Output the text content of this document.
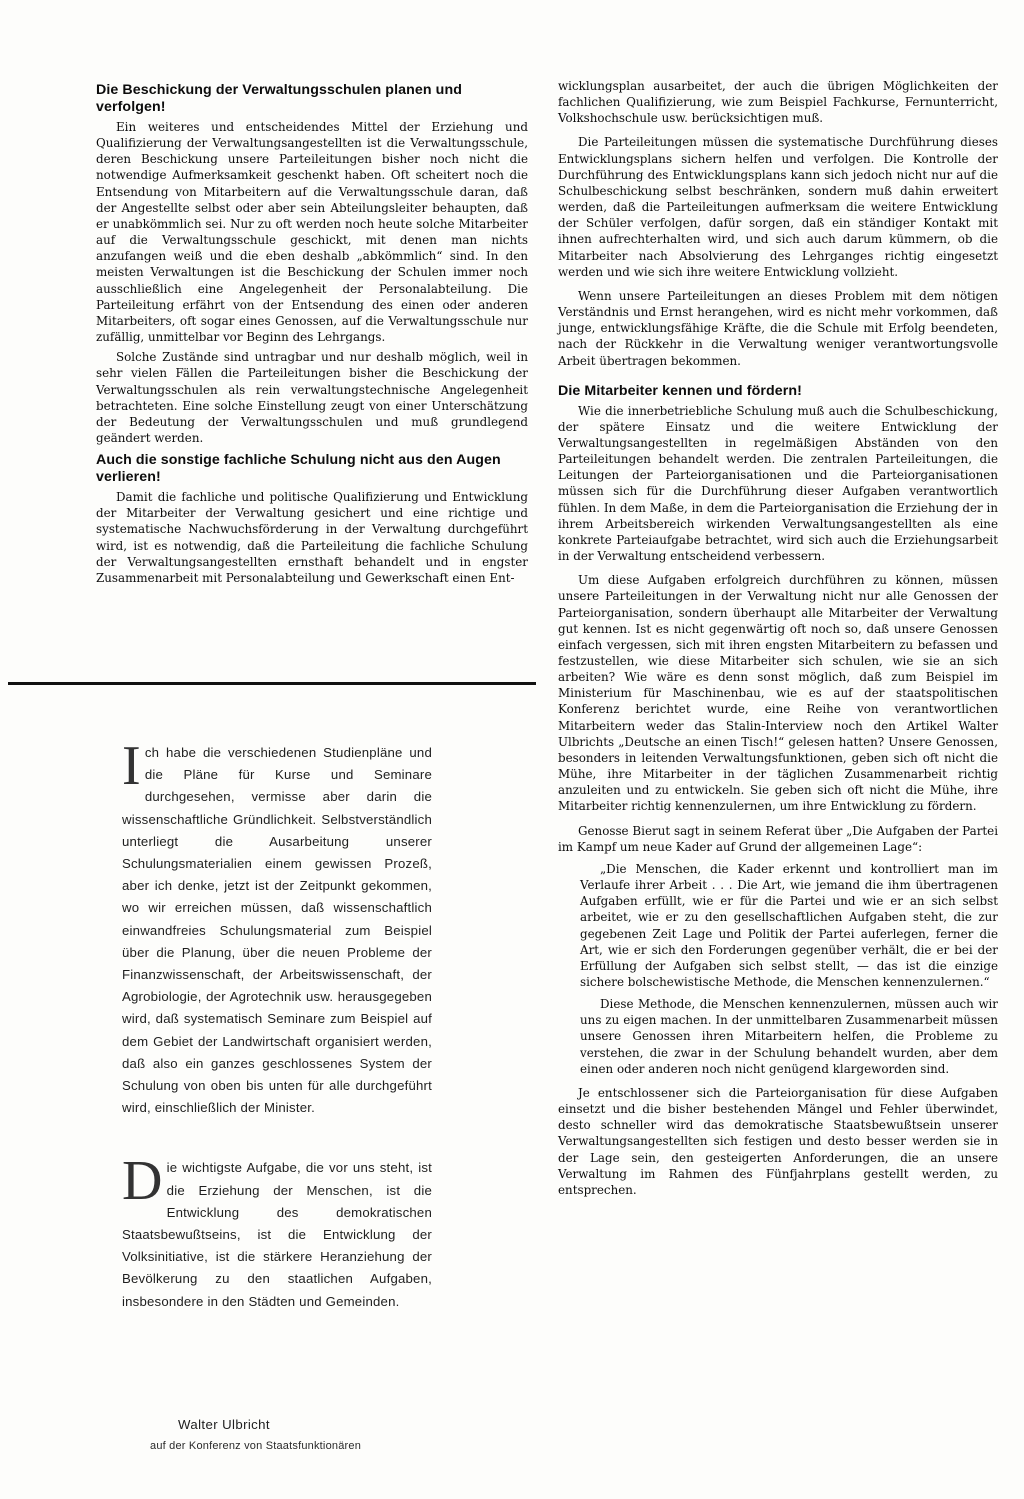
Die Beschickung der Verwaltungsschulen planen und verfolgen!

Ein weiteres und entscheidendes Mittel der Erziehung und Qualifizierung der Verwaltungsangestellten ist die Verwaltungsschule, deren Beschickung unsere Parteileitungen bisher noch nicht die notwendige Aufmerksamkeit geschenkt haben. Oft scheitert noch die Entsendung von Mitarbeitern auf die Verwaltungsschule daran, daß der Angestellte selbst oder aber sein Abteilungsleiter behaupten, daß er unabkömmlich sei. Nur zu oft werden noch heute solche Mitarbeiter auf die Verwaltungsschule geschickt, mit denen man nichts anzufangen weiß und die eben deshalb „abkömmlich“ sind. In den meisten Verwaltungen ist die Beschickung der Schulen immer noch ausschließlich eine Angelegenheit der Personalabteilung. Die Parteileitung erfährt von der Entsendung des einen oder anderen Mitarbeiters, oft sogar eines Genossen, auf die Verwaltungsschule nur zufällig, unmittelbar vor Beginn des Lehrgangs.

Solche Zustände sind untragbar und nur deshalb möglich, weil in sehr vielen Fällen die Parteileitungen bisher die Beschickung der Verwaltungsschulen als rein verwaltungstechnische Angelegenheit betrachteten. Eine solche Einstellung zeugt von einer Unterschätzung der Bedeutung der Verwaltungsschulen und muß grundlegend geändert werden.

Auch die sonstige fachliche Schulung nicht aus den Augen verlieren!

Damit die fachliche und politische Qualifizierung und Entwicklung der Mitarbeiter der Verwaltung gesichert und eine richtige und systematische Nachwuchsförderung in der Verwaltung durchgeführt wird, ist es notwendig, daß die Parteileitung die fachliche Schulung der Verwaltungsangestellten ernsthaft behandelt und in engster Zusammenarbeit mit Personalabteilung und Gewerkschaft einen Ent-

Ich habe die verschiedenen Studienpläne und die Pläne für Kurse und Seminare durchgesehen, vermisse aber darin die wissenschaftliche Gründlichkeit. Selbstverständlich unterliegt die Ausarbeitung unserer Schulungsmaterialien einem gewissen Prozeß, aber ich denke, jetzt ist der Zeitpunkt gekommen, wo wir erreichen müssen, daß wissenschaftlich einwandfreies Schulungsmaterial zum Beispiel über die Planung, über die neuen Probleme der Finanzwissenschaft, der Arbeitswissenschaft, der Agrobiologie, der Agrotechnik usw. herausgegeben wird, daß systematisch Seminare zum Beispiel auf dem Gebiet der Landwirtschaft organisiert werden, daß also ein ganzes geschlossenes System der Schulung von oben bis unten für alle durchgeführt wird, einschließlich der Minister.

Die wichtigste Aufgabe, die vor uns steht, ist die Erziehung der Menschen, ist die Entwicklung des demokratischen Staatsbewußtseins, ist die Entwicklung der Volksinitiative, ist die stärkere Heranziehung der Bevölkerung zu den staatlichen Aufgaben, insbesondere in den Städten und Gemeinden.

Walter Ulbricht
auf der Konferenz von Staatsfunktionären

wicklungsplan ausarbeitet, der auch die übrigen Möglichkeiten der fachlichen Qualifizierung, wie zum Beispiel Fachkurse, Fernunterricht, Volkshochschule usw. berücksichtigen muß.

Die Parteileitungen müssen die systematische Durchführung dieses Entwicklungsplans sichern helfen und verfolgen. Die Kontrolle der Durchführung des Entwicklungsplans kann sich jedoch nicht nur auf die Schulbeschickung selbst beschränken, sondern muß dahin erweitert werden, daß die Parteileitungen aufmerksam die weitere Entwicklung der Schüler verfolgen, dafür sorgen, daß ein ständiger Kontakt mit ihnen aufrechterhalten wird, und sich auch darum kümmern, ob die Mitarbeiter nach Absolvierung des Lehrganges richtig eingesetzt werden und wie sich ihre weitere Entwicklung vollzieht.

Wenn unsere Parteileitungen an dieses Problem mit dem nötigen Verständnis und Ernst herangehen, wird es nicht mehr vorkommen, daß junge, entwicklungsfähige Kräfte, die die Schule mit Erfolg beendeten, nach der Rückkehr in die Verwaltung weniger verantwortungsvolle Arbeit übertragen bekommen.

Die Mitarbeiter kennen und fördern!

Wie die innerbetriebliche Schulung muß auch die Schulbeschickung, der spätere Einsatz und die weitere Entwicklung der Verwaltungsangestellten in regelmäßigen Abständen von den Parteileitungen behandelt werden. Die zentralen Parteileitungen, die Leitungen der Parteiorganisationen und die Parteiorganisationen müssen sich für die Durchführung dieser Aufgaben verantwortlich fühlen. In dem Maße, in dem die Parteiorganisation die Erziehung der in ihrem Arbeitsbereich wirkenden Verwaltungsangestellten als eine konkrete Parteiaufgabe betrachtet, wird sich auch die Erziehungsarbeit in der Verwaltung entscheidend verbessern.

Um diese Aufgaben erfolgreich durchführen zu können, müssen unsere Parteileitungen in der Verwaltung nicht nur alle Genossen der Parteiorganisation, sondern überhaupt alle Mitarbeiter der Verwaltung gut kennen. Ist es nicht gegenwärtig oft noch so, daß unsere Genossen einfach vergessen, sich mit ihren engsten Mitarbeitern zu befassen und festzustellen, wie diese Mitarbeiter sich schulen, wie sie an sich arbeiten? Wie wäre es denn sonst möglich, daß zum Beispiel im Ministerium für Maschinenbau, wie es auf der staatspolitischen Konferenz berichtet wurde, eine Reihe von verantwortlichen Mitarbeitern weder das Stalin-Interview noch den Artikel Walter Ulbrichts „Deutsche an einen Tisch!“ gelesen hatten? Unsere Genossen, besonders in leitenden Verwaltungsfunktionen, geben sich oft nicht die Mühe, ihre Mitarbeiter in der täglichen Zusammenarbeit richtig anzuleiten und zu entwickeln. Sie geben sich oft nicht die Mühe, ihre Mitarbeiter richtig kennenzulernen, um ihre Entwicklung zu fördern.

Genosse Bierut sagt in seinem Referat über „Die Aufgaben der Partei im Kampf um neue Kader auf Grund der allgemeinen Lage“:

„Die Menschen, die Kader erkennt und kontrolliert man im Verlaufe ihrer Arbeit . . . Die Art, wie jemand die ihm übertragenen Aufgaben erfüllt, wie er für die Partei und wie er an sich selbst arbeitet, wie er zu den gesellschaftlichen Aufgaben steht, die zur gegebenen Zeit Lage und Politik der Partei auferlegen, ferner die Art, wie er sich den Forderungen gegenüber verhält, die er bei der Erfüllung der Aufgaben sich selbst stellt, — das ist die einzige sichere bolschewistische Methode, die Menschen kennenzulernen.“

Diese Methode, die Menschen kennenzulernen, müssen auch wir uns zu eigen machen. In der unmittelbaren Zusammenarbeit müssen unsere Genossen ihren Mitarbeitern helfen, die Probleme zu verstehen, die zwar in der Schulung behandelt wurden, aber dem einen oder anderen noch nicht genügend klargeworden sind.

Je entschlossener sich die Parteiorganisation für diese Aufgaben einsetzt und die bisher bestehenden Mängel und Fehler überwindet, desto schneller wird das demokratische Staatsbewußtsein unserer Verwaltungsangestellten sich festigen und desto besser werden sie in der Lage sein, den gesteigerten Anforderungen, die an unsere Verwaltung im Rahmen des Fünfjahrplans gestellt werden, zu entsprechen.
